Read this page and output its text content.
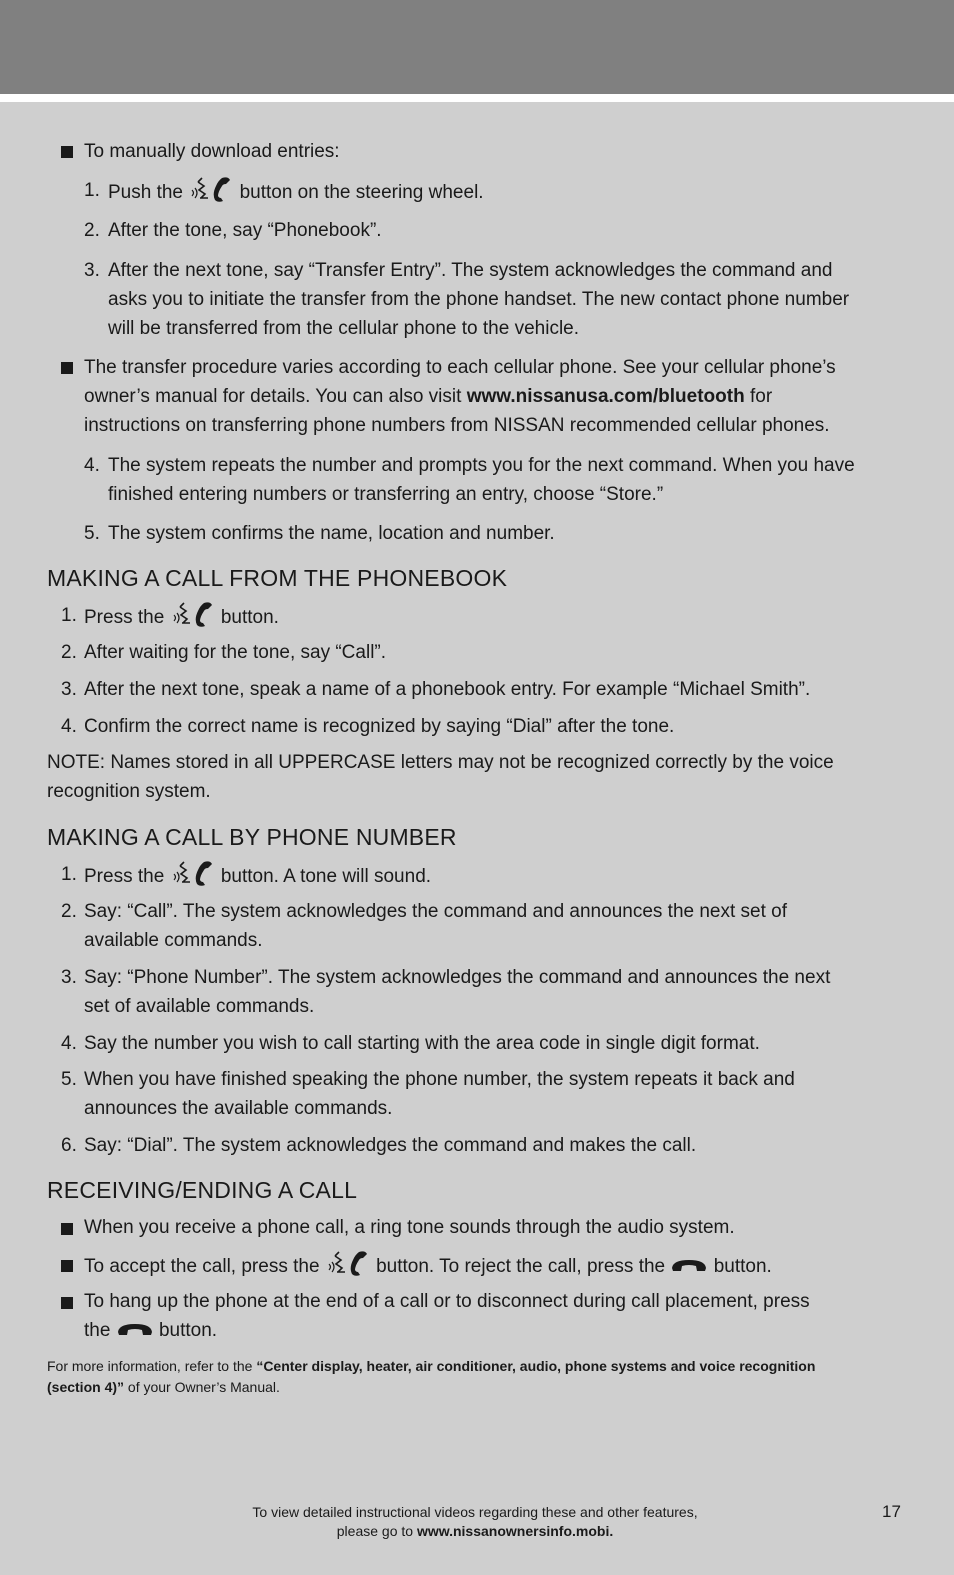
To manually download entries:
1. Push the	button on the steering wheel.
2. After the tone, say “Phonebook”.
3. After the next tone, say “Transfer Entry”. The system acknowledges the command and
asks you to initiate the transfer from the phone handset. The new contact phone number
will be transferred from the cellular phone to the vehicle.
The transfer procedure varies according to each cellular phone. See your cellular phone’s
owner’s manual for details. You can also visit www.nissanusa.com/bluetooth for
instructions on transferring phone numbers from NISSAN recommended cellular phones.
4. The system repeats the number and prompts you for the next command. When you have
finished entering numbers or transferring an entry, choose “Store.”
5. The system confirms the name, location and number.
MAKING A CALL FROM THE PHONEBOOK
1. Press the	button.
2. After waiting for the tone, say “Call”.
3. After the next tone, speak a name of a phonebook entry. For example “Michael Smith”.
4. Confirm the correct name is recognized by saying “Dial” after the tone.
NOTE: Names stored in all UPPERCASE letters may not be recognized correctly by the voice
recognition system.
MAKING A CALL BY PHONE NUMBER
1. Press the	button. A tone will sound.
2. Say: “Call”. The system acknowledges the command and announces the next set of
available commands.
3. Say: “Phone Number”. The system acknowledges the command and announces the next
set of available commands.
4. Say the number you wish to call starting with the area code in single digit format.
5. When you have finished speaking the phone number, the system repeats it back and
announces the available commands.
6. Say: “Dial”. The system acknowledges the command and makes the call.
RECEIVING/ENDING A CALL
When you receive a phone call, a ring tone sounds through the audio system.
To accept the call, press the	button. To reject the call, press the	button.
To hang up the phone at the end of a call or to disconnect during call placement, press
the	button.
For more information, refer to the “Center display, heater, air conditioner, audio, phone systems and voice recognition
(section 4)” of your Owner’s Manual.
To view detailed instructional videos regarding these and other features,
please go to www.nissanownersinfo.mobi.
17
